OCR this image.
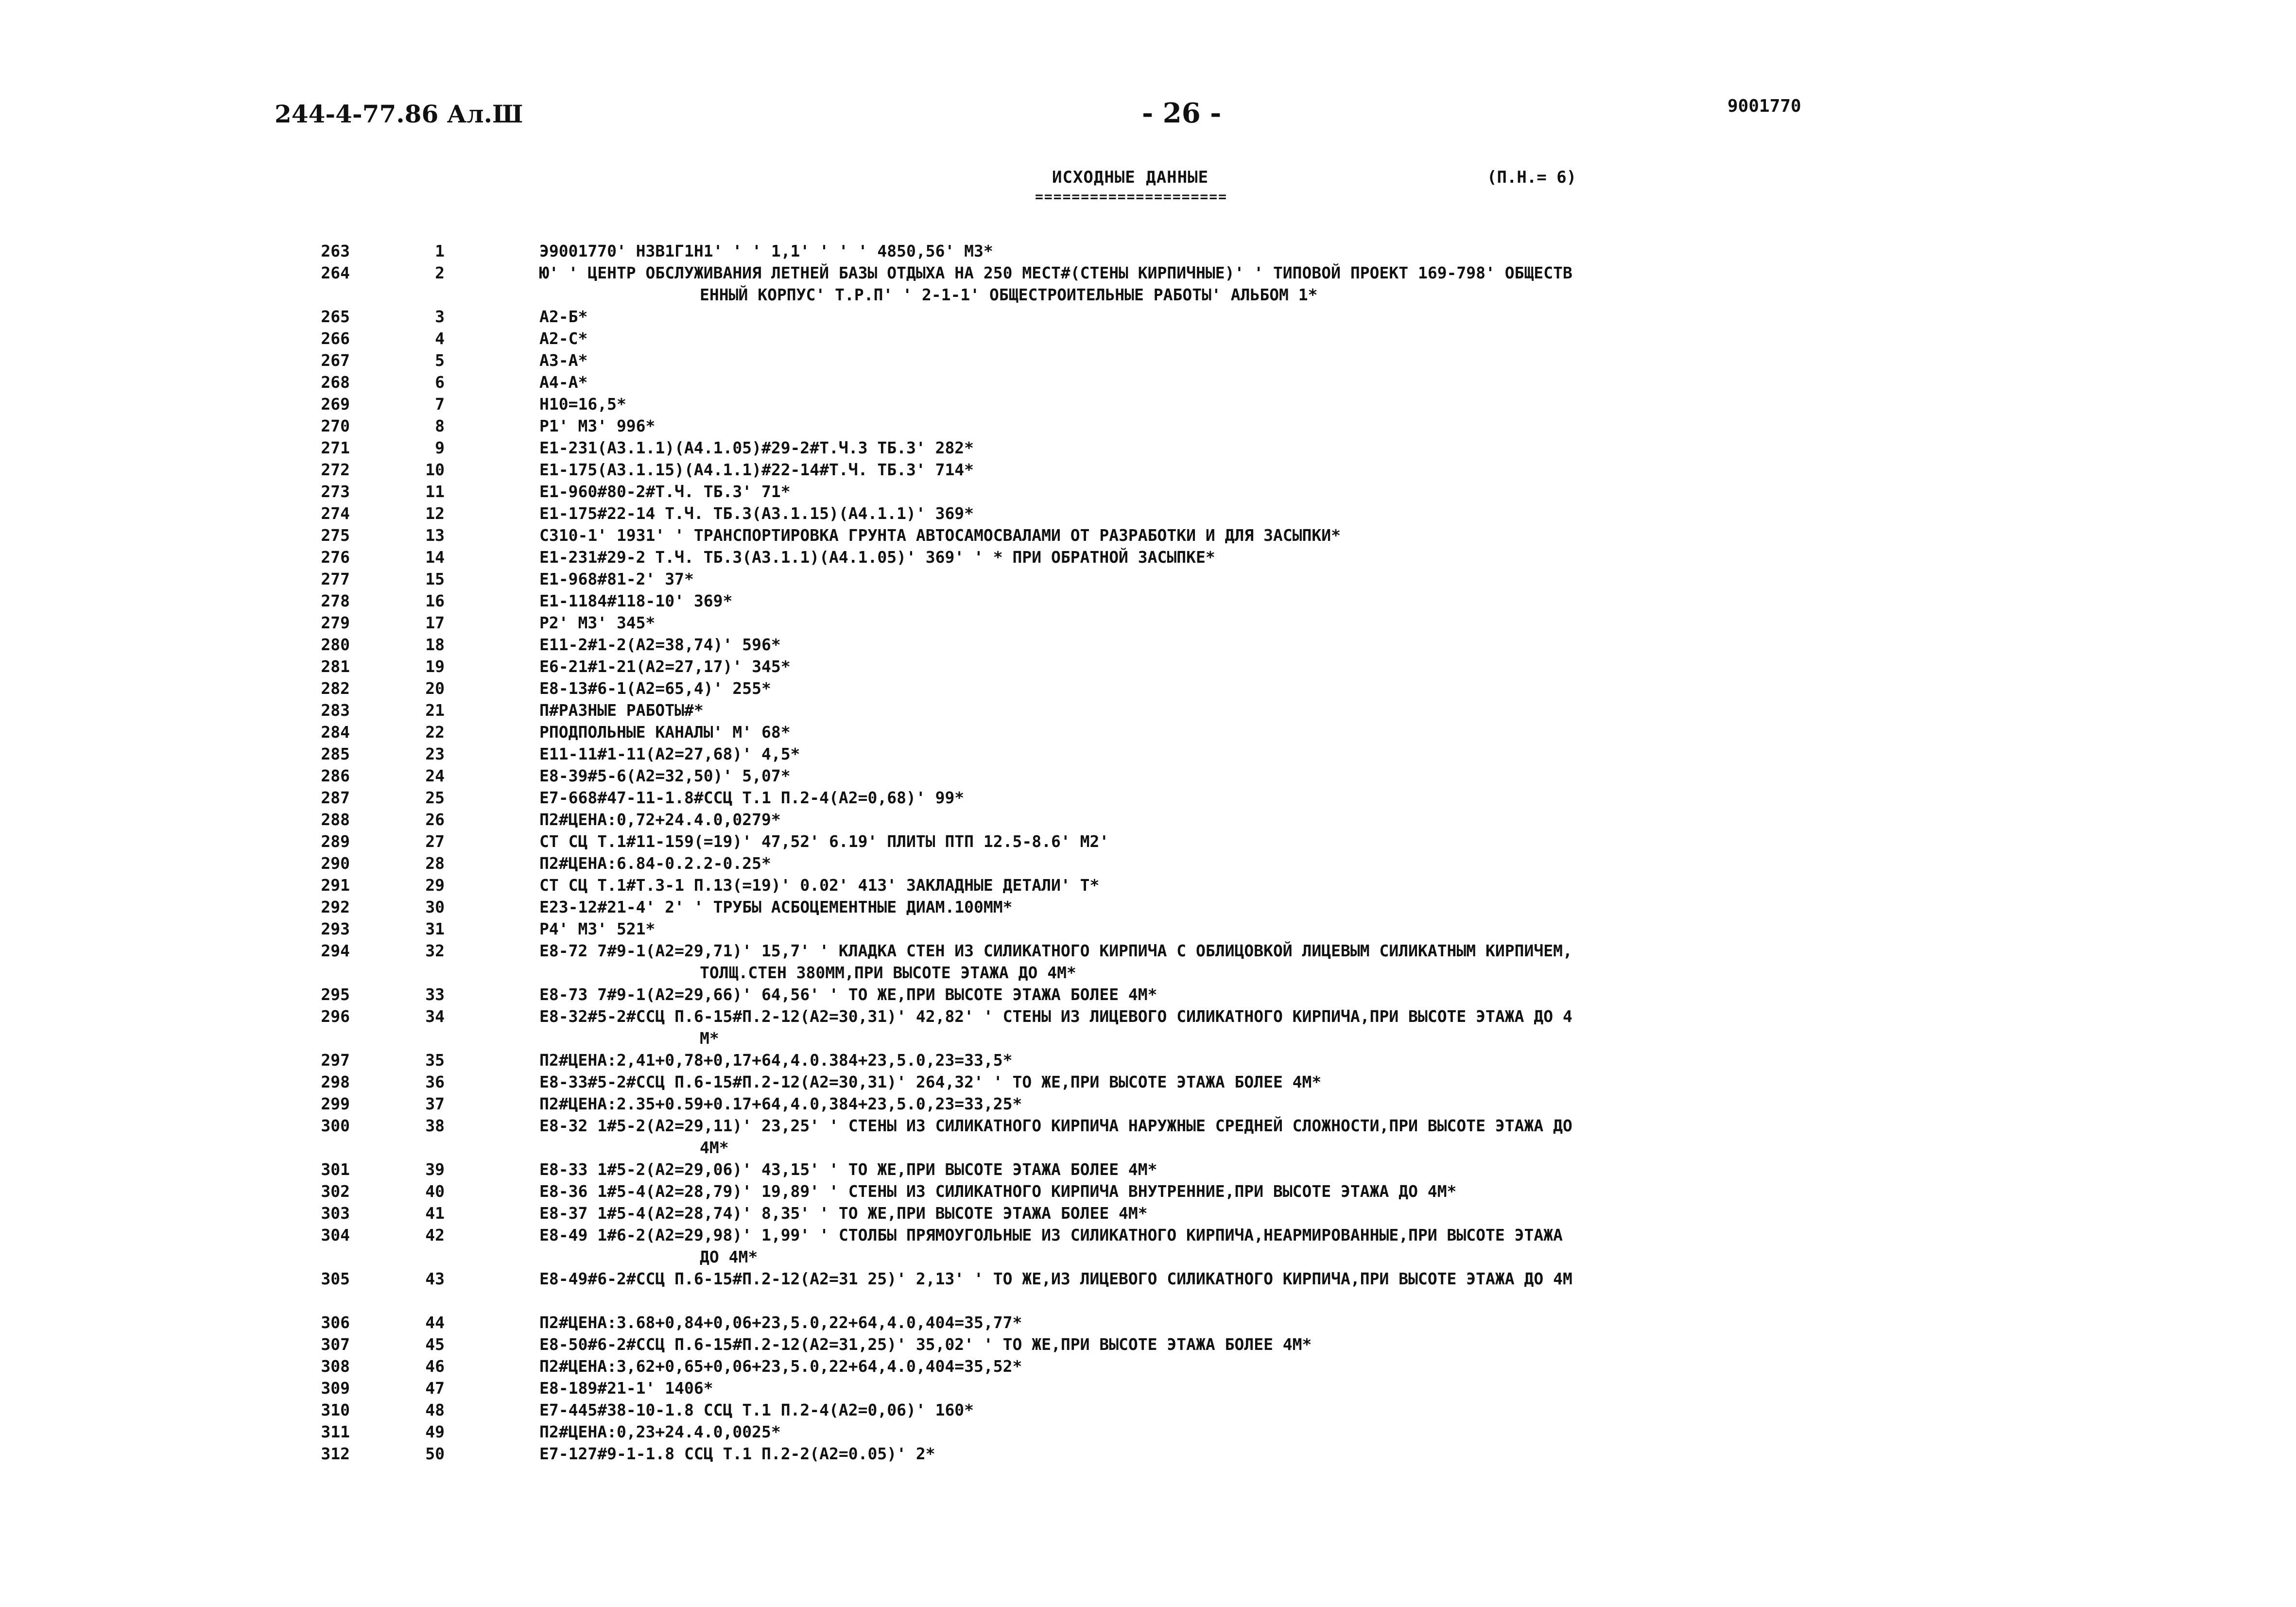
244-4-77.86 Ал.Ш	- 26 -	9001770
ИСХОДНЫЕ ДАННЫЕ
=====================
(П.Н.= 6)
263	1	Э9001770' Н3В1Г1Н1' ' ' 1,1' ' ' ' 4850,56' М3*
264	2	Ю' ' ЦЕНТР ОБСЛУЖИВАНИЯ ЛЕТНЕЙ БАЗЫ ОТДЫХА НА 250 МЕСТ#(СТЕНЫ КИРПИЧНЫЕ)' ' ТИПОВОЙ ПРОЕКТ 169-798' ОБЩЕСТВ
ЕННЫЙ КОРПУС' Т.Р.П' ' 2-1-1' ОБЩЕСТРОИТЕЛЬНЫЕ РАБОТЫ' АЛЬБОМ 1*
265	3	А2-Б*
266	4	А2-С*
267	5	А3-А*
268	6	А4-А*
269	7	Н10=16,5*
270	8	Р1' М3' 996*
271	9	Е1-231(А3.1.1)(А4.1.05)#29-2#Т.Ч.3 ТБ.3' 282*
272	10	Е1-175(А3.1.15)(А4.1.1)#22-14#Т.Ч. ТБ.3' 714*
273	11	Е1-960#80-2#Т.Ч. ТБ.3' 71*
274	12	Е1-175#22-14 Т.Ч. ТБ.3(А3.1.15)(А4.1.1)' 369*
275	13	С310-1' 1931' ' ТРАНСПОРТИРОВКА ГРУНТА АВТОСАМОСВАЛАМИ ОТ РАЗРАБОТКИ И ДЛЯ ЗАСЫПКИ*
276	14	Е1-231#29-2 Т.Ч. ТБ.3(А3.1.1)(А4.1.05)' 369' ' * ПРИ ОБРАТНОЙ ЗАСЫПКЕ*
277	15	Е1-968#81-2' 37*
278	16	Е1-1184#118-10' 369*
279	17	Р2' М3' 345*
280	18	Е11-2#1-2(А2=38,74)' 596*
281	19	Е6-21#1-21(А2=27,17)' 345*
282	20	Е8-13#6-1(А2=65,4)' 255*
283	21	П#РАЗНЫЕ РАБОТЫ#*
284	22	РПОДПОЛЬНЫЕ КАНАЛЫ' М' 68*
285	23	Е11-11#1-11(А2=27,68)' 4,5*
286	24	Е8-39#5-6(А2=32,50)' 5,07*
287	25	Е7-668#47-11-1.8#ССЦ Т.1 П.2-4(А2=0,68)' 99*
288	26	П2#ЦЕНА:0,72+24.4.0,0279*
289	27	СТ СЦ Т.1#11-159(=19)' 47,52' 6.19' ПЛИТЫ ПТП 12.5-8.6' М2'
290	28	П2#ЦЕНА:6.84-0.2.2-0.25*
291	29	СТ СЦ Т.1#Т.3-1 П.13(=19)' 0.02' 413' ЗАКЛАДНЫЕ ДЕТАЛИ' Т*
292	30	Е23-12#21-4' 2' ' ТРУБЫ АСБОЦЕМЕНТНЫЕ ДИАМ.100ММ*
293	31	Р4' М3' 521*
294	32	Е8-72 7#9-1(А2=29,71)' 15,7' ' КЛАДКА СТЕН ИЗ СИЛИКАТНОГО КИРПИЧА С ОБЛИЦОВКОЙ ЛИЦЕВЫМ СИЛИКАТНЫМ КИРПИЧЕМ,
ТОЛЩ.СТЕН 380ММ,ПРИ ВЫСОТЕ ЭТАЖА ДО 4М*
295	33	Е8-73 7#9-1(А2=29,66)' 64,56' ' ТО ЖЕ,ПРИ ВЫСОТЕ ЭТАЖА БОЛЕЕ 4М*
296	34	Е8-32#5-2#ССЦ П.6-15#П.2-12(А2=30,31)' 42,82' ' СТЕНЫ ИЗ ЛИЦЕВОГО СИЛИКАТНОГО КИРПИЧА,ПРИ ВЫСОТЕ ЭТАЖА ДО 4
М*
297	35	П2#ЦЕНА:2,41+0,78+0,17+64,4.0.384+23,5.0,23=33,5*
298	36	Е8-33#5-2#ССЦ П.6-15#П.2-12(А2=30,31)' 264,32' ' ТО ЖЕ,ПРИ ВЫСОТЕ ЭТАЖА БОЛЕЕ 4М*
299	37	П2#ЦЕНА:2.35+0.59+0.17+64,4.0,384+23,5.0,23=33,25*
300	38	Е8-32 1#5-2(А2=29,11)' 23,25' ' СТЕНЫ ИЗ СИЛИКАТНОГО КИРПИЧА НАРУЖНЫЕ СРЕДНЕЙ СЛОЖНОСТИ,ПРИ ВЫСОТЕ ЭТАЖА ДО
4М*
301	39	Е8-33 1#5-2(А2=29,06)' 43,15' ' ТО ЖЕ,ПРИ ВЫСОТЕ ЭТАЖА БОЛЕЕ 4М*
302	40	Е8-36 1#5-4(А2=28,79)' 19,89' ' СТЕНЫ ИЗ СИЛИКАТНОГО КИРПИЧА ВНУТРЕННИЕ,ПРИ ВЫСОТЕ ЭТАЖА ДО 4М*
303	41	Е8-37 1#5-4(А2=28,74)' 8,35' ' ТО ЖЕ,ПРИ ВЫСОТЕ ЭТАЖА БОЛЕЕ 4М*
304	42	Е8-49 1#6-2(А2=29,98)' 1,99' ' СТОЛБЫ ПРЯМОУГОЛЬНЫЕ ИЗ СИЛИКАТНОГО КИРПИЧА,НЕАРМИРОВАННЫЕ,ПРИ ВЫСОТЕ ЭТАЖА
ДО 4М*
305	43	Е8-49#6-2#ССЦ П.6-15#П.2-12(А2=31 25)' 2,13' ' ТО ЖЕ,ИЗ ЛИЦЕВОГО СИЛИКАТНОГО КИРПИЧА,ПРИ ВЫСОТЕ ЭТАЖА ДО 4М

306	44	П2#ЦЕНА:3.68+0,84+0,06+23,5.0,22+64,4.0,404=35,77*
307	45	Е8-50#6-2#ССЦ П.6-15#П.2-12(А2=31,25)' 35,02' ' ТО ЖЕ,ПРИ ВЫСОТЕ ЭТАЖА БОЛЕЕ 4М*
308	46	П2#ЦЕНА:3,62+0,65+0,06+23,5.0,22+64,4.0,404=35,52*
309	47	Е8-189#21-1' 1406*
310	48	Е7-445#38-10-1.8 ССЦ Т.1 П.2-4(А2=0,06)' 160*
311	49	П2#ЦЕНА:0,23+24.4.0,0025*
312	50	Е7-127#9-1-1.8 ССЦ Т.1 П.2-2(А2=0.05)' 2*
